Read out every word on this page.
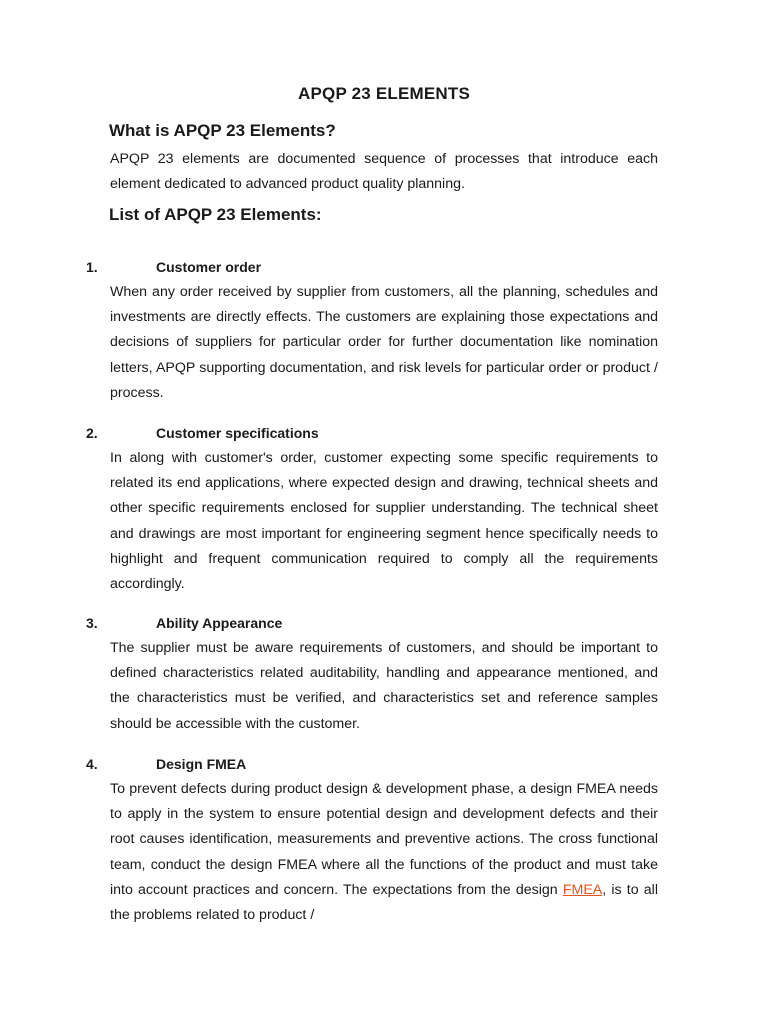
APQP 23 ELEMENTS
What is APQP 23 Elements?
APQP 23 elements are documented sequence of processes that introduce each element dedicated to advanced product quality planning.
List of APQP 23 Elements:
1.	Customer order
When any order received by supplier from customers, all the planning, schedules and investments are directly effects. The customers are explaining those expectations and decisions of suppliers for particular order for further documentation like nomination letters, APQP supporting documentation, and risk levels for particular order or product / process.
2.	Customer specifications
In along with customer's order, customer expecting some specific requirements to related its end applications, where expected design and drawing, technical sheets and other specific requirements enclosed for supplier understanding. The technical sheet and drawings are most important for engineering segment hence specifically needs to highlight and frequent communication required to comply all the requirements accordingly.
3.	Ability Appearance
The supplier must be aware requirements of customers, and should be important to defined characteristics related auditability, handling and appearance mentioned, and the characteristics must be verified, and characteristics set and reference samples should be accessible with the customer.
4.	Design FMEA
To prevent defects during product design & development phase, a design FMEA needs to apply in the system to ensure potential design and development defects and their root causes identification, measurements and preventive actions. The cross functional team, conduct the design FMEA where all the functions of the product and must take into account practices and concern. The expectations from the design FMEA, is to all the problems related to product /
